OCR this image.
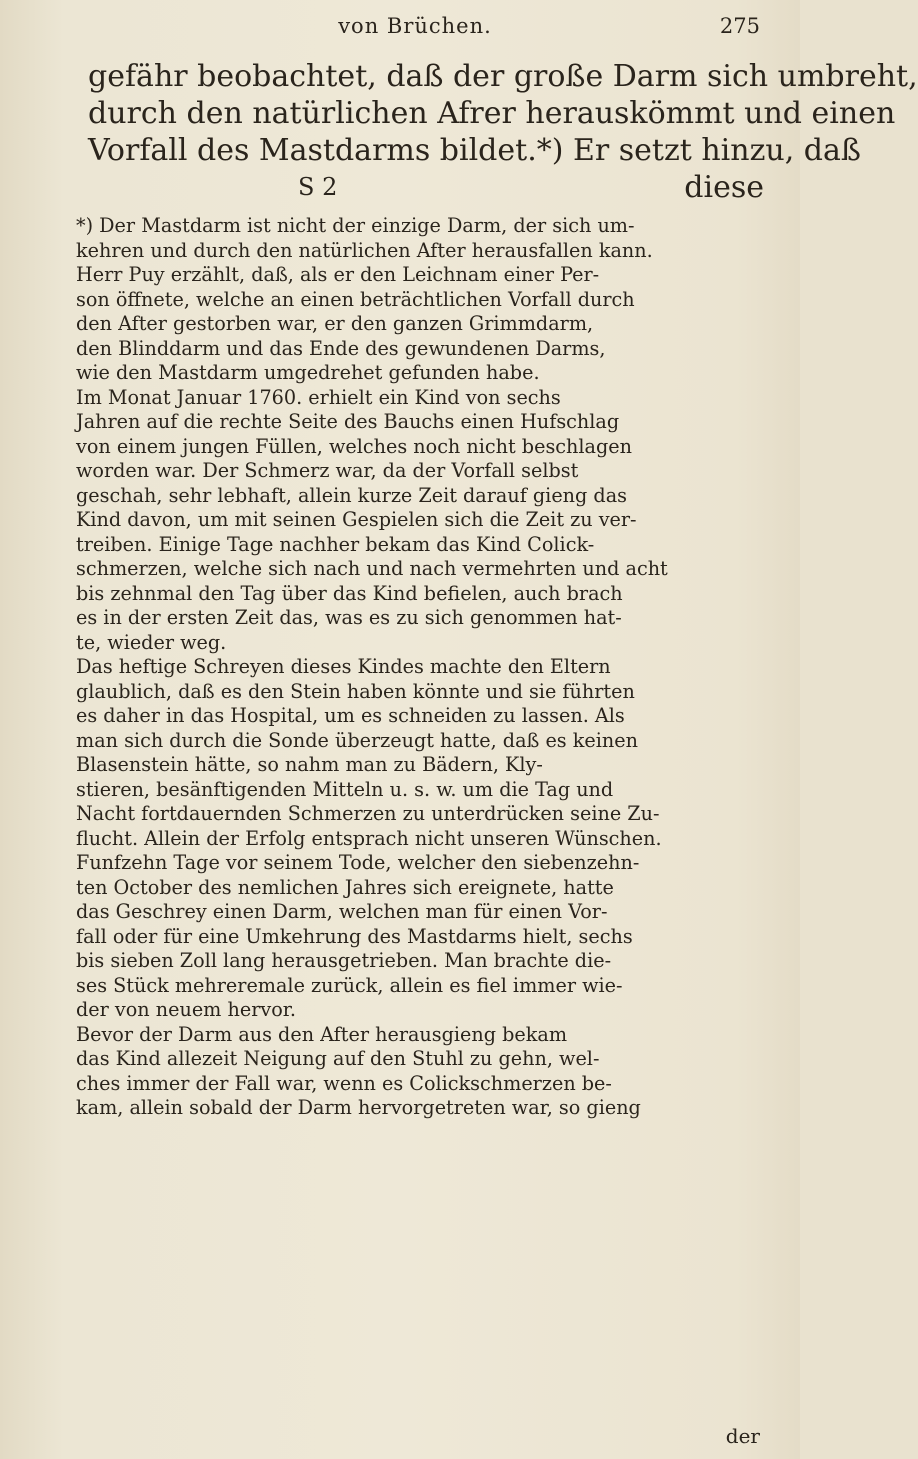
von Brüchen.	275
gefähr beobachtet, daß der große Darm sich umbreht,
durch den natürlichen Afrer herauskömmt und einen
Vorfall des Mastdarms bildet.*) Er setzt hinzu, daß
S 2	diese
*) Der Mastdarm ist nicht der einzige Darm, der sich um-
kehren und durch den natürlichen After herausfallen kann.
Herr Puy erzählt, daß, als er den Leichnam einer Per-
son öffnete, welche an einen beträchtlichen Vorfall durch
den After gestorben war, er den ganzen Grimmdarm,
den Blinddarm und das Ende des gewundenen Darms,
wie den Mastdarm umgedrehet gefunden habe.
Im Monat Januar 1760. erhielt ein Kind von sechs
Jahren auf die rechte Seite des Bauchs einen Hufschlag
von einem jungen Füllen, welches noch nicht beschlagen
worden war. Der Schmerz war, da der Vorfall selbst
geschah, sehr lebhaft, allein kurze Zeit darauf gieng das
Kind davon, um mit seinen Gespielen sich die Zeit zu ver-
treiben. Einige Tage nachher bekam das Kind Colick-
schmerzen, welche sich nach und nach vermehrten und acht
bis zehnmal den Tag über das Kind befielen, auch brach
es in der ersten Zeit das, was es zu sich genommen hat-
te, wieder weg.
Das heftige Schreyen dieses Kindes machte den Eltern
glaublich, daß es den Stein haben könnte und sie führten
es daher in das Hospital, um es schneiden zu lassen. Als
man sich durch die Sonde überzeugt hatte, daß es keinen
Blasenstein hätte, so nahm man zu Bädern, Kly-
stieren, besänftigenden Mitteln u. s. w. um die Tag und
Nacht fortdauernden Schmerzen zu unterdrücken seine Zu-
flucht. Allein der Erfolg entsprach nicht unseren Wünschen.
Funfzehn Tage vor seinem Tode, welcher den siebenzehn-
ten October des nemlichen Jahres sich ereignete, hatte
das Geschrey einen Darm, welchen man für einen Vor-
fall oder für eine Umkehrung des Mastdarms hielt, sechs
bis sieben Zoll lang herausgetrieben. Man brachte die-
ses Stück mehreremale zurück, allein es fiel immer wie-
der von neuem hervor.
Bevor der Darm aus den After herausgieng bekam
das Kind allezeit Neigung auf den Stuhl zu gehn, wel-
ches immer der Fall war, wenn es Colickschmerzen be-
kam, allein sobald der Darm hervorgetreten war, so gieng
der
